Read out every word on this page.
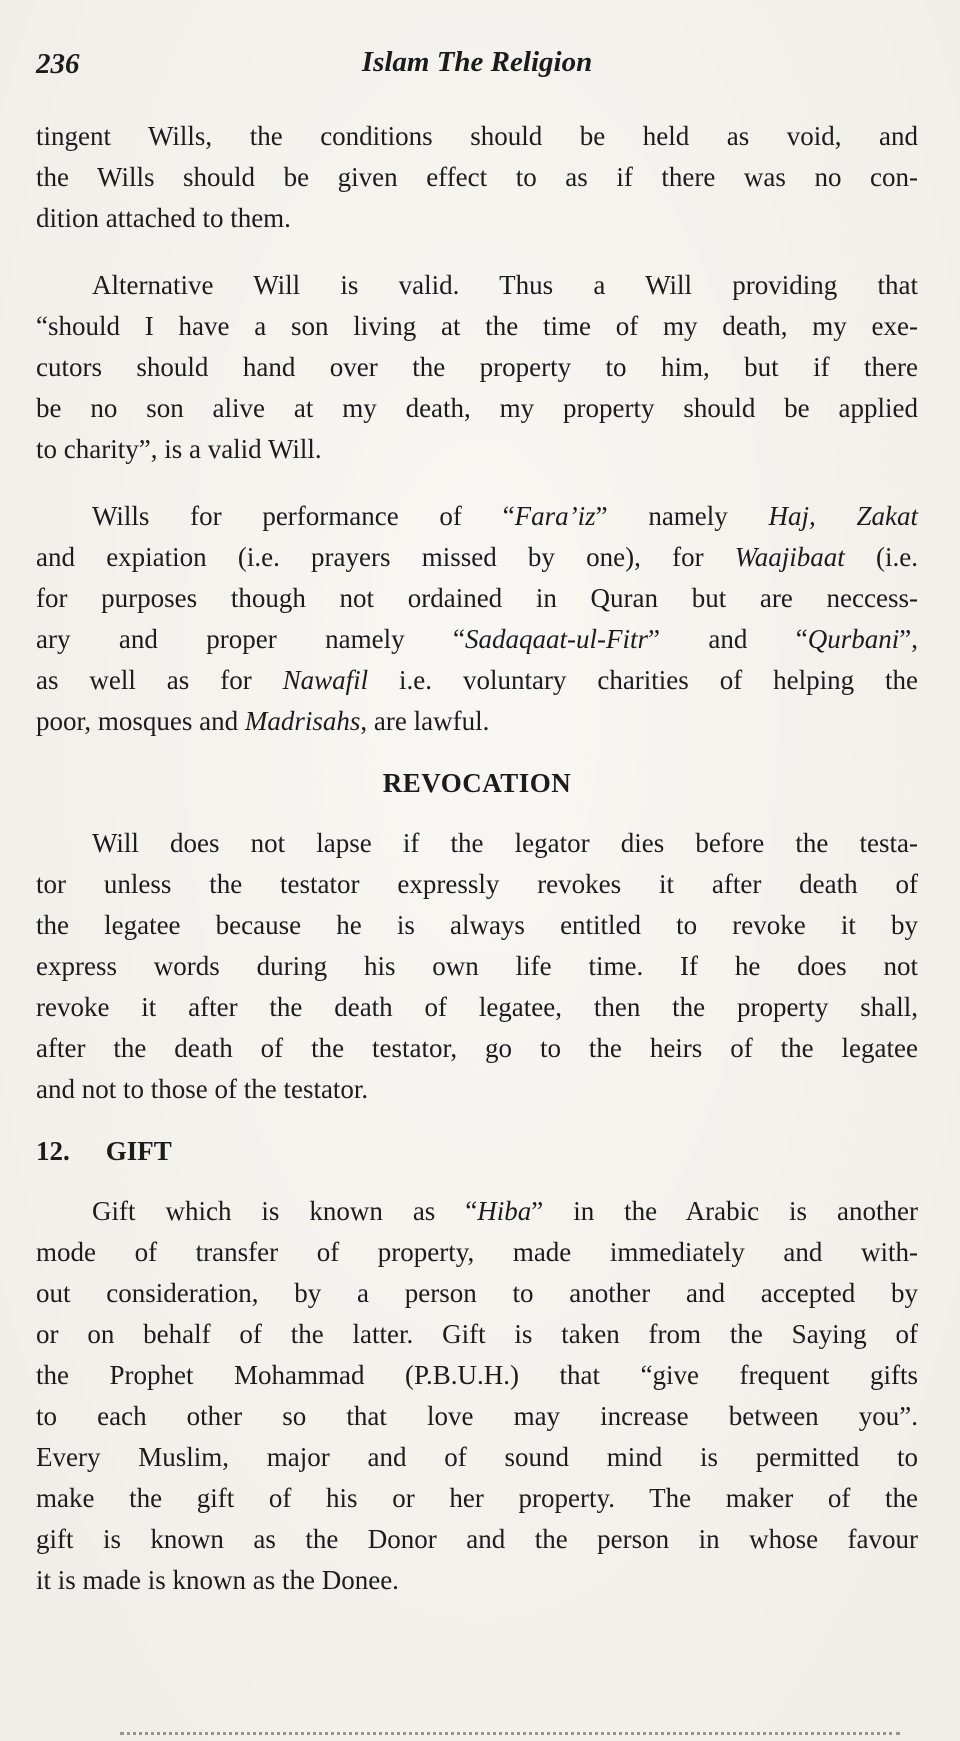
236	Islam The Religion

tingent Wills, the conditions should be held as void, and
the Wills should be given effect to as if there was no con-
dition attached to them.

Alternative Will is valid. Thus a Will providing that
“should I have a son living at the time of my death, my exe-
cutors should hand over the property to him, but if there
be no son alive at my death, my property should be applied
to charity”, is a valid Will.

Wills for performance of “Fara’iz” namely Haj, Zakat
and expiation (i.e. prayers missed by one), for Waajibaat (i.e.
for purposes though not ordained in Quran but are neccess-
ary and proper namely “Sadaqaat-ul-Fitr” and “Qurbani”,
as well as for Nawafil i.e. voluntary charities of helping the
poor, mosques and Madrisahs, are lawful.

REVOCATION

Will does not lapse if the legator dies before the testa-
tor unless the testator expressly revokes it after death of
the legatee because he is always entitled to revoke it by
express words during his own life time. If he does not
revoke it after the death of legatee, then the property shall,
after the death of the testator, go to the heirs of the legatee
and not to those of the testator.

12. GIFT

Gift which is known as “Hiba” in the Arabic is another
mode of transfer of property, made immediately and with-
out consideration, by a person to another and accepted by
or on behalf of the latter. Gift is taken from the Saying of
the Prophet Mohammad (P.B.U.H.) that “give frequent gifts
to each other so that love may increase between you”.
Every Muslim, major and of sound mind is permitted to
make the gift of his or her property. The maker of the
gift is known as the Donor and the person in whose favour
it is made is known as the Donee.
